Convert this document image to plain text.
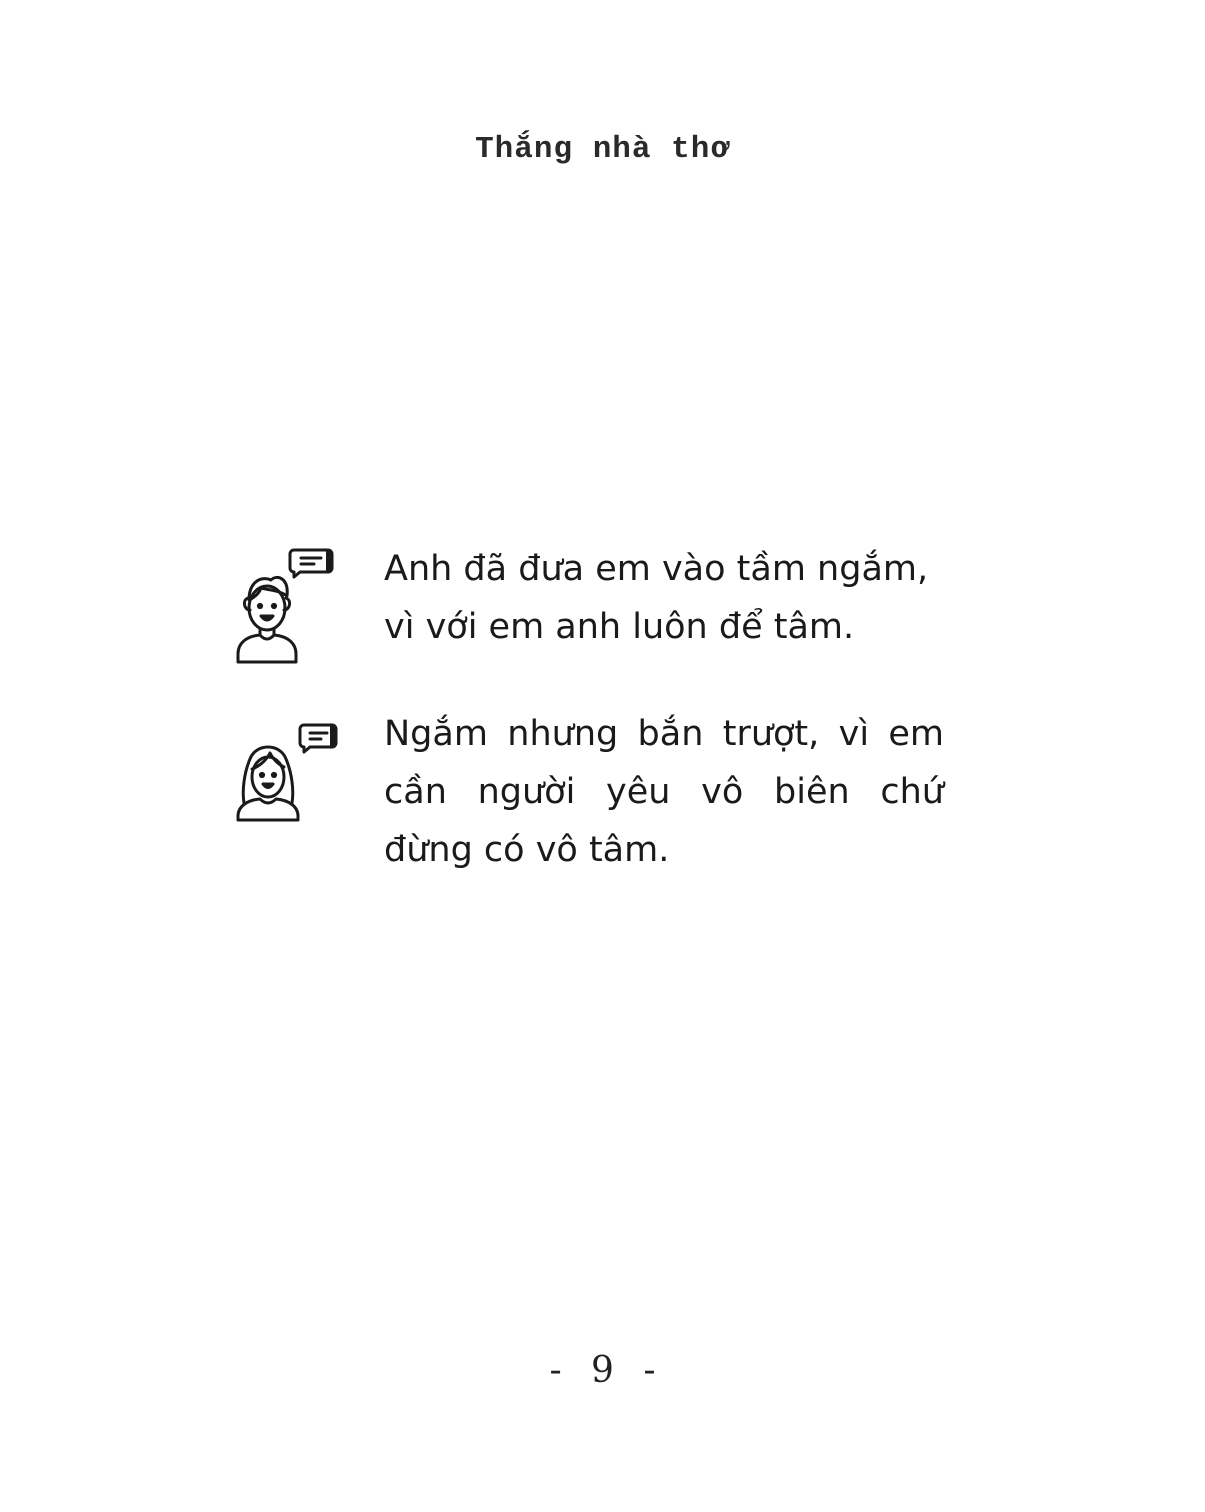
Thắng nhà thơ
Anh đã đưa em vào tầm ngắm,
vì với em anh luôn để tâm.
Ngắm nhưng bắn trượt, vì em
cần người yêu vô biên chứ
đừng có vô tâm.
- 9 -
